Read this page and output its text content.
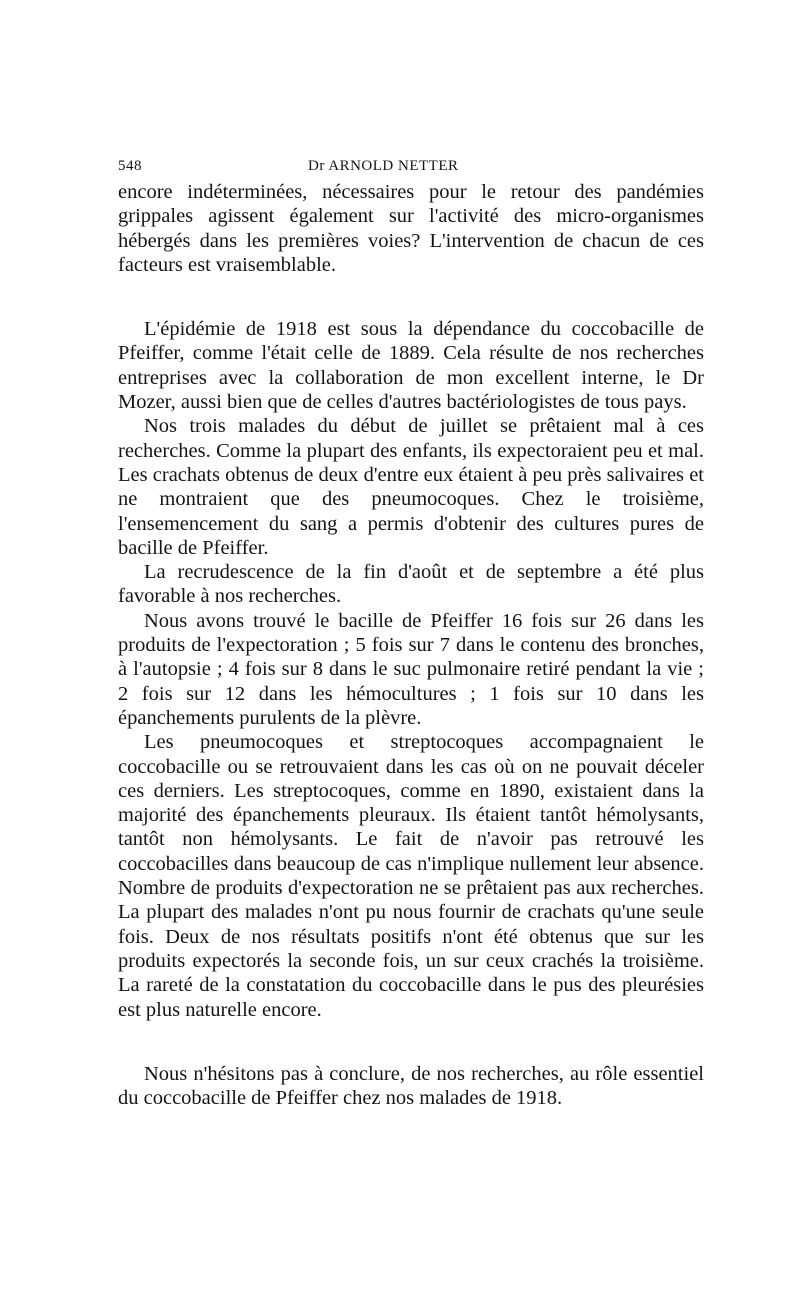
548	Dr ARNOLD NETTER

encore indéterminées, nécessaires pour le retour des pandémies grippales agissent également sur l'activité des micro-organismes hébergés dans les premières voies? L'intervention de chacun de ces facteurs est vraisemblable.

L'épidémie de 1918 est sous la dépendance du coccobacille de Pfeiffer, comme l'était celle de 1889. Cela résulte de nos recherches entreprises avec la collaboration de mon excellent interne, le Dr Mozer, aussi bien que de celles d'autres bactériologistes de tous pays.

Nos trois malades du début de juillet se prêtaient mal à ces recherches. Comme la plupart des enfants, ils expectoraient peu et mal. Les crachats obtenus de deux d'entre eux étaient à peu près salivaires et ne montraient que des pneumocoques. Chez le troisième, l'ensemencement du sang a permis d'obtenir des cultures pures de bacille de Pfeiffer.

La recrudescence de la fin d'août et de septembre a été plus favorable à nos recherches.

Nous avons trouvé le bacille de Pfeiffer 16 fois sur 26 dans les produits de l'expectoration ; 5 fois sur 7 dans le contenu des bronches, à l'autopsie ; 4 fois sur 8 dans le suc pulmonaire retiré pendant la vie ; 2 fois sur 12 dans les hémocultures ; 1 fois sur 10 dans les épanchements purulents de la plèvre.

Les pneumocoques et streptocoques accompagnaient le coccobacille ou se retrouvaient dans les cas où on ne pouvait déceler ces derniers. Les streptocoques, comme en 1890, existaient dans la majorité des épanchements pleuraux. Ils étaient tantôt hémolysants, tantôt non hémolysants. Le fait de n'avoir pas retrouvé les coccobacilles dans beaucoup de cas n'implique nullement leur absence. Nombre de produits d'expectoration ne se prêtaient pas aux recherches. La plupart des malades n'ont pu nous fournir de crachats qu'une seule fois. Deux de nos résultats positifs n'ont été obtenus que sur les produits expectorés la seconde fois, un sur ceux crachés la troisième. La rareté de la constatation du coccobacille dans le pus des pleurésies est plus naturelle encore.

Nous n'hésitons pas à conclure, de nos recherches, au rôle essentiel du coccobacille de Pfeiffer chez nos malades de 1918.
